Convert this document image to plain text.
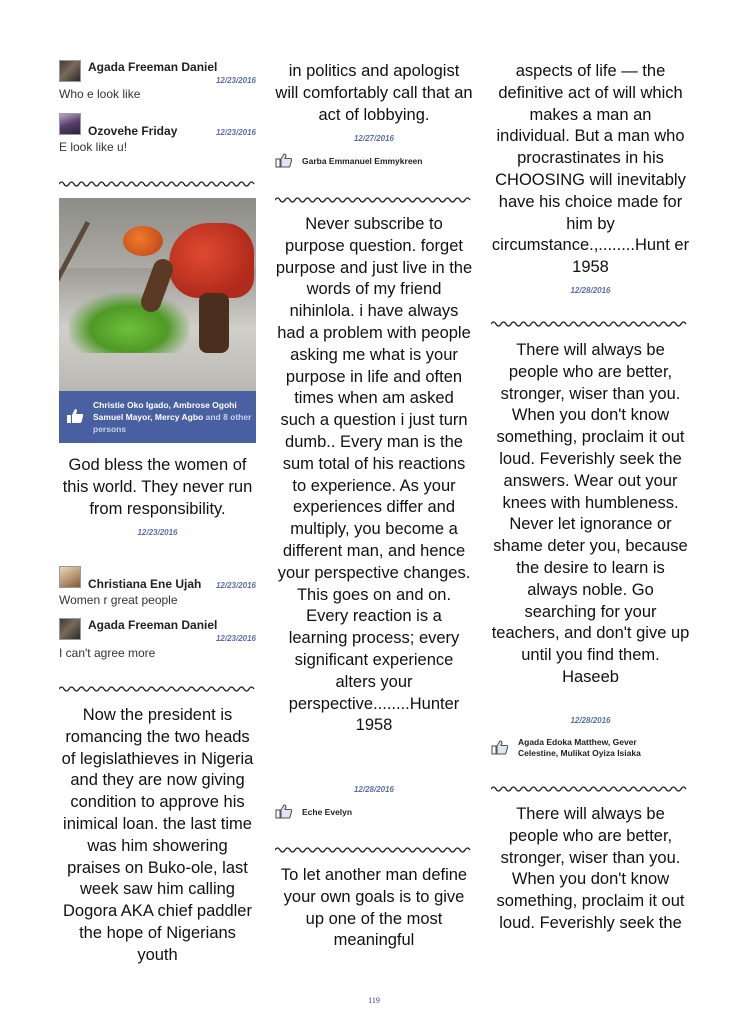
Agada Freeman Daniel
12/23/2016
Who e look like
Ozovehe Friday	12/23/2016
E look like u!
Christie Oko Igado, Ambrose Ogohi Samuel Mayor, Mercy Agbo and 8 other persons
God bless the women of this world. They never run from responsibility.
12/23/2016
Christiana Ene Ujah 12/23/2016
Women r great people
Agada Freeman Daniel
12/23/2016
I can't agree more
Now the president is romancing the two heads of legislathieves in Nigeria and they are now giving condition to approve his inimical loan. the last time was him showering praises on Buko-ole, last week saw him calling Dogora AKA chief paddler the hope of Nigerians youth
in politics and apologist will comfortably call that an act of lobbying.
12/27/2016
Garba Emmanuel Emmykreen
Never subscribe to purpose question. forget purpose and just live in the words of my friend nihinlola. i have always had a problem with people asking me what is your purpose in life and often times when am asked such a question i just turn dumb.. Every man is the sum total of his reactions to experience. As your experiences differ and multiply, you become a different man, and hence your perspective changes. This goes on and on. Every reaction is a learning process; every significant experience alters your perspective........Hunter 1958
12/28/2016
Eche Evelyn
To let another man define your own goals is to give up one of the most meaningful
aspects of life — the definitive act of will which makes a man an individual. But a man who procrastinates in his CHOOSING will inevitably have his choice made for him by circumstance.,........Hunt er 1958
12/28/2016
There will always be people who are better, stronger, wiser than you. When you don't know something, proclaim it out loud. Feverishly seek the answers. Wear out your knees with humbleness. Never let ignorance or shame deter you, because the desire to learn is always noble. Go searching for your teachers, and don't give up until you find them. Haseeb
12/28/2016
Agada Edoka Matthew, Gever Celestine, Mulikat Oyiza Isiaka
There will always be people who are better, stronger, wiser than you. When you don't know something, proclaim it out loud. Feverishly seek the
119
